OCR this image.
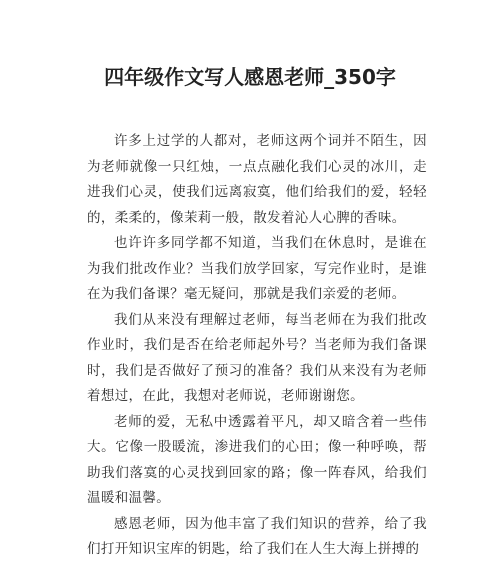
四年级作文写人感恩老师_350字

许多上过学的人都对，老师这两个词并不陌生，因为老师就像一只红烛，一点点融化我们心灵的冰川，走进我们心灵，使我们远离寂寞，他们给我们的爱，轻轻的，柔柔的，像茉莉一般，散发着沁人心脾的香味。

也许许多同学都不知道，当我们在休息时，是谁在为我们批改作业？当我们放学回家，写完作业时，是谁在为我们备课？毫无疑问，那就是我们亲爱的老师。

我们从来没有理解过老师，每当老师在为我们批改作业时，我们是否在给老师起外号？当老师为我们备课时，我们是否做好了预习的准备？我们从来没有为老师着想过，在此，我想对老师说，老师谢谢您。

老师的爱，无私中透露着平凡，却又暗含着一些伟大。它像一股暖流，渗进我们的心田；像一种呼唤，帮助我们落寞的心灵找到回家的路；像一阵春风，给我们温暖和温馨。

感恩老师，因为他丰富了我们知识的营养，给了我们打开知识宝库的钥匙，给了我们在人生大海上拼搏的
